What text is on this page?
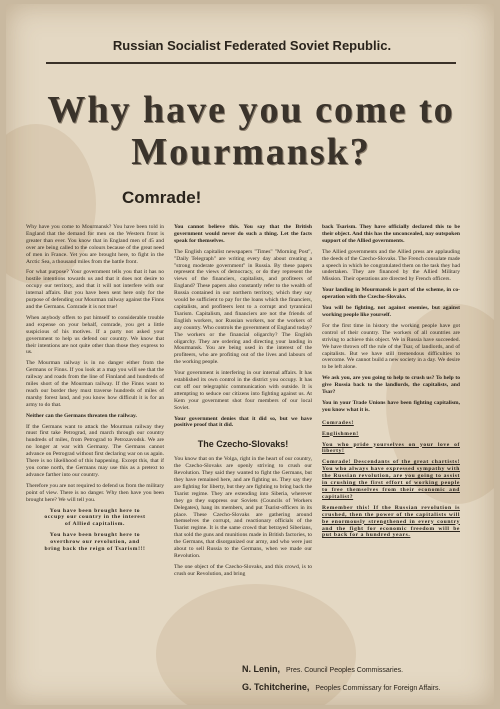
Russian Socialist Federated Soviet Republic.
Why have you come to
Mourmansk?
Comrade!

Why have you come to Mourmansk? You have been told in England that the demand for men on the Western front is greater than ever. You know that in England men of 45 and over are being called to the colours because of the great need of men in France. Yet you are brought here, to fight in the Arctic Sea, a thousand miles from the battle front.

For what purpose? Your government tells you that it has no hostile intentions towards us and that it does not desire to occupy our territory, and that it will not interfere with our internal affairs. But you have been sent here only for the purpose of defending our Mourman railway against the Finns and the Germans. Comrade it is not true!

When anybody offers to put himself to considerable trouble and expense on your behalf, comrade, you get a little suspicious of his motives. If a party not asked your government to help us defend our country. We know that their intentions are not quite other than those they express to us.

The Mourman railway is in no danger either from the Germans or Finns. If you look at a map you will see that the railway and roads from the line of Finnland and hundreds of miles short of the Mourman railway. If the Finns want to reach our border they must traverse hundreds of miles of marshy forest land, and you know how difficult it is for an army to do that.

Neither can the Germans threaten the railway.

If the Germans want to attack the Mourman railway they must first take Petrograd, and march through our country hundreds of miles, from Petrograd to Petrozavodsk. We are no longer at war with Germany. The Germans cannot advance on Petrograd without first declaring war on us again. There is no likelihood of this happening. Except this, that if you come north, the Germans may use this as a pretext to advance farther into our country.

Therefore you are not required to defend us from the military point of view. There is no danger. Why then have you been brought here? We will tell you.

You have been brought here to occupy our country in the interest of Allied capitalism.

You have been brought here to overthrow our revolution, and bring back the reign of Tsarism!!!

You cannot believe this. You say that the British government would never do such a thing. Let the facts speak for themselves.

The English capitalist newspapers "Times" "Morning Post", "Daily Telegraph" are writing every day about creating a "strong moderate government" in Russia. By these papers represent the views of democracy, or do they represent the views of the financiers, capitalists, and profiteers of England? These papers also constantly refer to the wealth of Russia contained in our northern territory, which they say would be sufficient to pay for the loans which the financiers, capitalists, and profiteers lent to a corrupt and tyrannical Tsarism. Capitalism, and financiers are not the friends of English workers, nor Russian workers, nor the workers of any country. Who controls the government of England today? The workers or the financial oligarchy? The English oligarchy. They are ordering and directing your landing in Mourmansk. You are being used in the interest of the profiteers, who are profiting out of the lives and labours of the working people.

Your government is interfering in our internal affairs. It has established its own control in the district you occupy. It has cut off our telegraphic communication with outside. It is attempting to seduce our citizens into fighting against us. At Kem your government shot four members of our local Soviet.

Your government denies that it did so, but we have positive proof that it did.

The Czecho-Slovaks!

You know that on the Volga, right in the heart of our country, the Czecho-Slovaks are openly striving to crush our Revolution. They said they wanted to fight the Germans, but they have remained here, and are fighting us. They say they are fighting for liberty, but they are fighting to bring back the Tsarist regime. They are extending into Siberia, wherever they go they suppress our Soviets (Councils of Workers Delegates), hang its members, and put Tsarist-officers in its place. These Czecho-Slovaks are gathering around themselves the corrupt, and reactionary officials of the Tsarist regime. It is the same crowd that betrayed Siberians, that sold the guns and munitions made in British factories, to the Germans, that disorganized our army, and who were just about to sell Russia to the Germans, when we made our Revolution.

The one object of the Czecho-Slovaks, and this crowd, is to crush our Revolution, and bring

back Tsarism. They have officially declared this to be their object. And this has the unconcealed, nay outspoken support of the Allied governments.

The Allied governments and the Allied press are applauding the deeds of the Czecho-Slovaks. The French consulate made a speech in which he congratulated them on the task they had undertaken. They are financed by the Allied Military Mission. Their operations are directed by French officers.

Your landing in Mourmansk is part of the scheme, in co-operation with the Czecho-Slovaks.

You will be fighting, not against enemies, but against working people like yourself.

For the first time in history the working people have got control of their country. The workers of all countries are striving to achieve this object. We in Russia have succeeded. We have thrown off the rule of the Tsar, of landlords, and of capitalists. But we have still tremendous difficulties to overcome. We cannot build a new society in a day. We desire to be left alone.

We ask you, are you going to help to crush us? To help to give Russia back to the landlords, the capitalists, and Tsar?

You in your Trade Unions have been fighting capitalism, you know what it is.

Comrades!

Englishmen!

You who pride yourselves on your love of liberty!

Comrade! Descendants of the great chartists! You who always have expressed sympathy with the Russian revolution, are you going to assist in crushing the first effort of working people to free themselves from their economic and capitalist?

Remember this! If the Russian revolution is crushed, then the power of the capitalists will be enormously strengthened in every country and the fight for economic freedom will be put back for a hundred years.

N. Lenin, Pres. Council Peoples Commissaries.
G. Tchitcherine, Peoples Commissary for Foreign Affairs.
